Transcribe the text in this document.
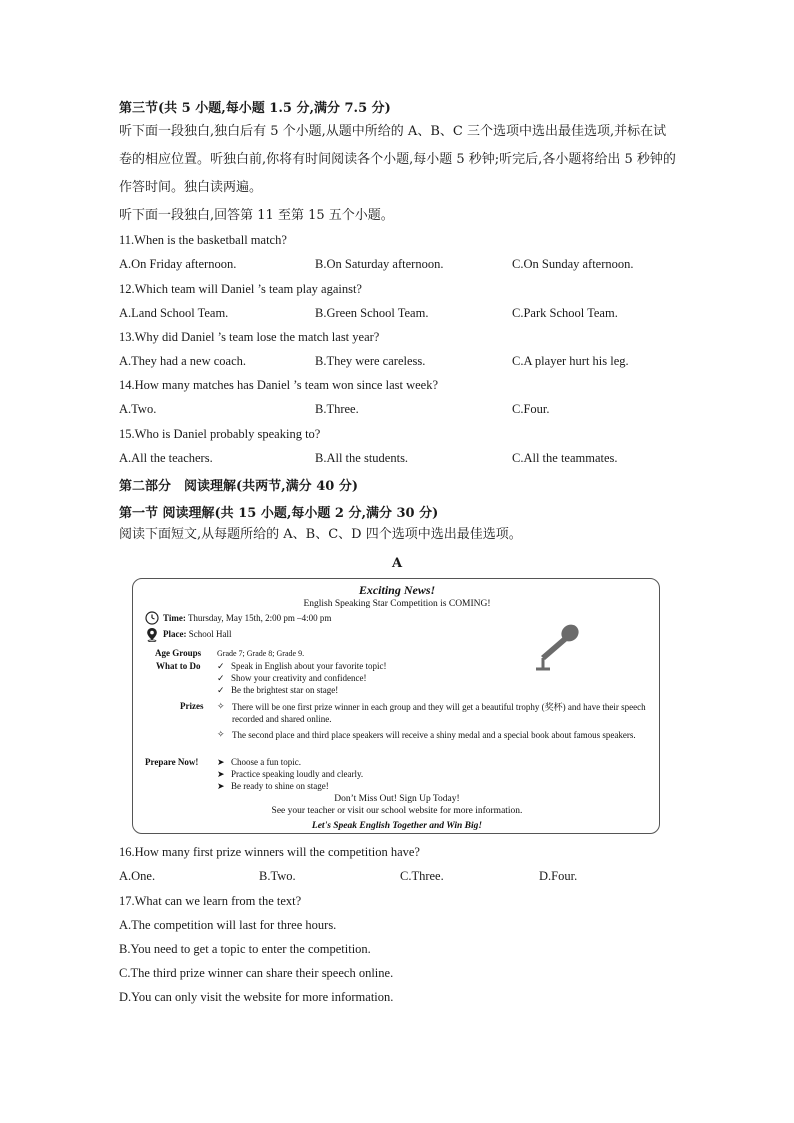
第三节(共 5 小题,每小题 1.5 分,满分 7.5 分)
听下面一段独白,独白后有 5 个小题,从题中所给的 A、B、C 三个选项中选出最佳选项,并标在试卷的相应位置。听独白前,你将有时间阅读各个小题,每小题 5 秒钟;听完后,各小题将给出 5 秒钟的作答时间。独白读两遍。
听下面一段独白,回答第 11 至第 15 五个小题。
11.When is the basketball match?
A.On Friday afternoon.	B.On Saturday afternoon.	C.On Sunday afternoon.
12.Which team will Daniel ’s team play against?
A.Land School Team.	B.Green School Team.	C.Park School Team.
13.Why did Daniel ’s team lose the match last year?
A.They had a new coach.	B.They were careless.	C.A player hurt his leg.
14.How many matches has Daniel ’s team won since last week?
A.Two.	B.Three.	C.Four.
15.Who is Daniel probably speaking to?
A.All the teachers.	B.All the students.	C.All the teammates.
第二部分　阅读理解(共两节,满分 40 分)
第一节 阅读理解(共 15 小题,每小题 2 分,满分 30 分)
阅读下面短文,从每题所给的 A、B、C、D 四个选项中选出最佳选项。
A
Exciting News!
English Speaking Star Competition is COMING!
Time: Thursday, May 15th, 2:00 pm –4:00 pm
Place: School Hall
Age Groups Grade 7; Grade 8; Grade 9.
What to Do ✓ Speak in English about your favorite topic!
✓ Show your creativity and confidence!
✓ Be the brightest star on stage!
Prizes ✧ There will be one first prize winner in each group and they will get a beautiful trophy (奖杯) and have their speech recorded and shared online.
✧ The second place and third place speakers will receive a shiny medal and a special book about famous speakers.
Prepare Now! ➤ Choose a fun topic.
➤ Practice speaking loudly and clearly.
➤ Be ready to shine on stage!
Don’t Miss Out! Sign Up Today!
See your teacher or visit our school website for more information.
Let's Speak English Together and Win Big!
16.How many first prize winners will the competition have?
A.One.	B.Two.	C.Three.	D.Four.
17.What can we learn from the text?
A.The competition will last for three hours.
B.You need to get a topic to enter the competition.
C.The third prize winner can share their speech online.
D.You can only visit the website for more information.
